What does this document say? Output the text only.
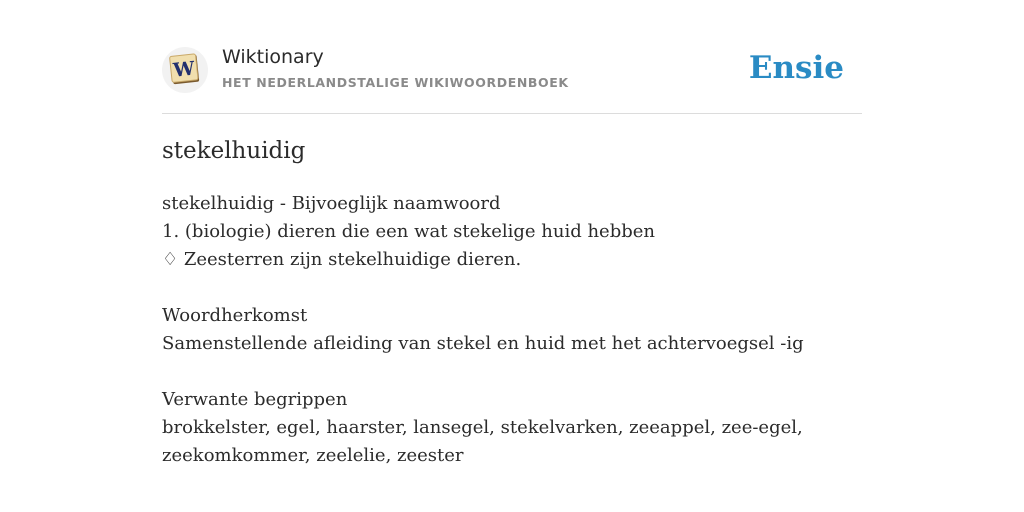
W
Wiktionary
HET NEDERLANDSTALIGE WIKIWOORDENBOEK	Ensie
stekelhuidig
stekelhuidig - Bijvoeglijk naamwoord
1. (biologie) dieren die een wat stekelige huid hebben
♢ Zeesterren zijn stekelhuidige dieren.
Woordherkomst
Samenstellende afleiding van stekel en huid met het achtervoegsel -ig
Verwante begrippen
brokkelster, egel, haarster, lansegel, stekelvarken, zeeappel, zee-egel,
zeekomkommer, zeelelie, zeester
